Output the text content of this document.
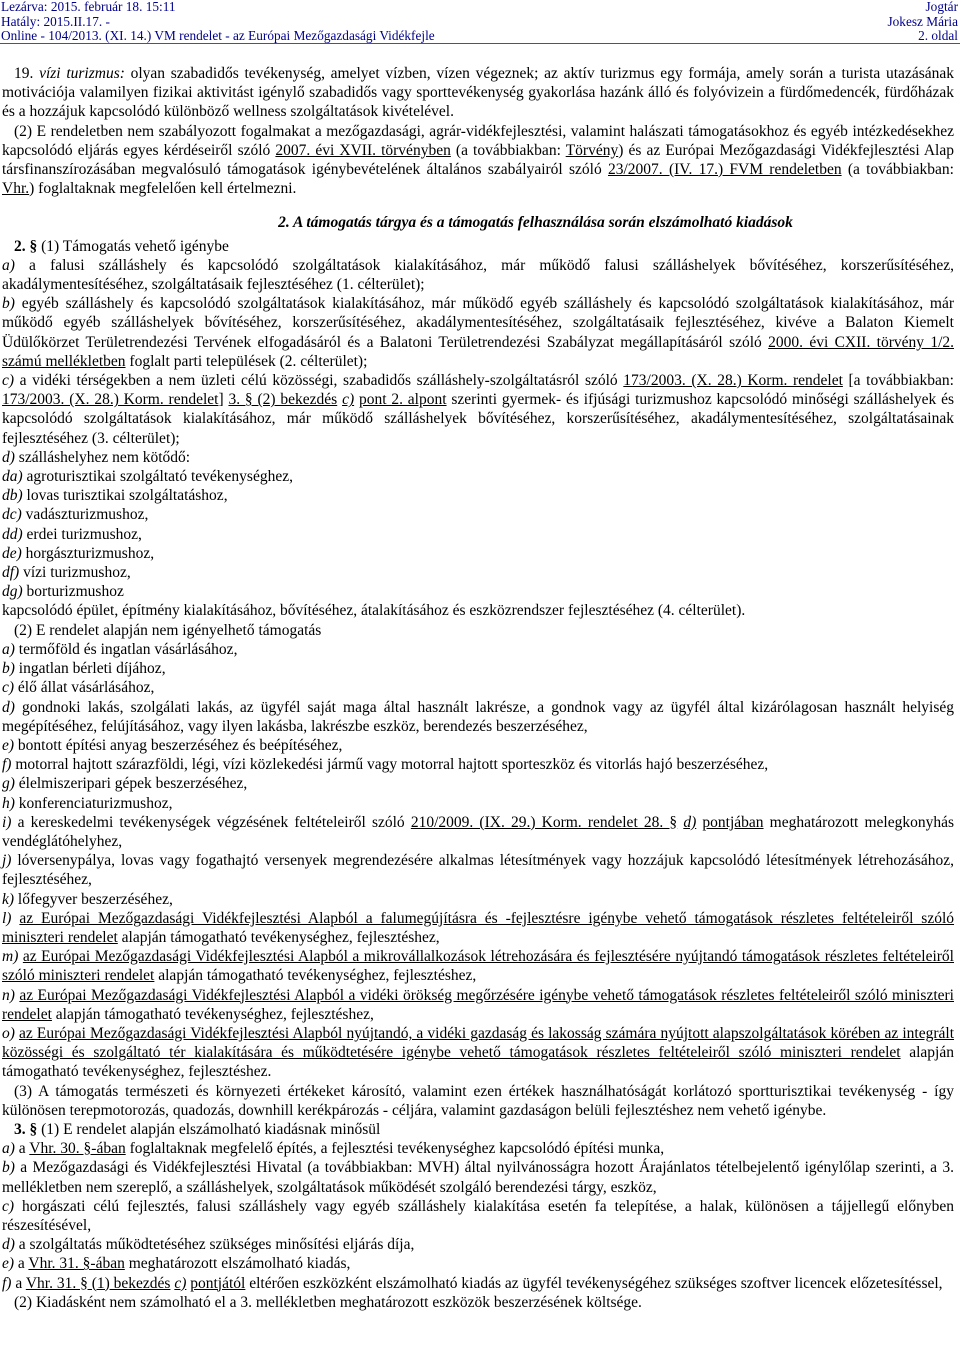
Lezárva: 2015. február 18. 15:11
Hatály: 2015.II.17. -
Online - 104/2013. (XI. 14.) VM rendelet - az Európai Mezőgazdasági Vidékfejle
Jogtár
Jokesz Mária
2. oldal

19. vízi turizmus: olyan szabadidős tevékenység, amelyet vízben, vízen végeznek; az aktív turizmus egy formája, amely során a turista utazásának motivációja valamilyen fizikai aktivitást igénylő szabadidős vagy sporttevékenység gyakorlása hazánk álló és folyóvizein a fürdőmedencék, fürdőházak és a hozzájuk kapcsolódó különböző wellness szolgáltatások kivételével.

(2) E rendeletben nem szabályozott fogalmakat a mezőgazdasági, agrár-vidékfejlesztési, valamint halászati támogatásokhoz és egyéb intézkedésekhez kapcsolódó eljárás egyes kérdéseiről szóló 2007. évi XVII. törvényben (a továbbiakban: Törvény) és az Európai Mezőgazdasági Vidékfejlesztési Alap társfinanszírozásában megvalósuló támogatások igénybevételének általános szabályairól szóló 23/2007. (IV. 17.) FVM rendeletben (a továbbiakban: Vhr.) foglaltaknak megfelelően kell értelmezni.

2. A támogatás tárgya és a támogatás felhasználása során elszámolható kiadások

2. § (1) Támogatás vehető igénybe

a) a falusi szálláshely és kapcsolódó szolgáltatások kialakításához, már működő falusi szálláshelyek bővítéséhez, korszerűsítéséhez, akadálymentesítéséhez, szolgáltatásaik fejlesztéséhez (1. célterület);

b) egyéb szálláshely és kapcsolódó szolgáltatások kialakításához, már működő egyéb szálláshely és kapcsolódó szolgáltatások kialakításához, már működő egyéb szálláshelyek bővítéséhez, korszerűsítéséhez, akadálymentesítéséhez, szolgáltatásaik fejlesztéséhez, kivéve a Balaton Kiemelt Üdülőkörzet Területrendezési Tervének elfogadásáról és a Balatoni Területrendezési Szabályzat megállapításáról szóló 2000. évi CXII. törvény 1/2. számú mellékletben foglalt parti települések (2. célterület);

c) a vidéki térségekben a nem üzleti célú közösségi, szabadidős szálláshely-szolgáltatásról szóló 173/2003. (X. 28.) Korm. rendelet [a továbbiakban: 173/2003. (X. 28.) Korm. rendelet] 3. § (2) bekezdés c) pont 2. alpont szerinti gyermek- és ifjúsági turizmushoz kapcsolódó minőségi szálláshelyek és kapcsolódó szolgáltatások kialakításához, már működő szálláshelyek bővítéséhez, korszerűsítéséhez, akadálymentesítéséhez, szolgáltatásainak fejlesztéséhez (3. célterület);

d) szálláshelyhez nem kötődő:

da) agroturisztikai szolgáltató tevékenységhez,

db) lovas turisztikai szolgáltatáshoz,

dc) vadászturizmushoz,

dd) erdei turizmushoz,

de) horgászturizmushoz,

df) vízi turizmushoz,

dg) borturizmushoz

kapcsolódó épület, építmény kialakításához, bővítéséhez, átalakításához és eszközrendszer fejlesztéséhez (4. célterület).

(2) E rendelet alapján nem igényelhető támogatás

a) termőföld és ingatlan vásárlásához,

b) ingatlan bérleti díjához,

c) élő állat vásárlásához,

d) gondnoki lakás, szolgálati lakás, az ügyfél saját maga által használt lakrésze, a gondnok vagy az ügyfél által kizárólagosan használt helyiség megépítéséhez, felújításához, vagy ilyen lakásba, lakrészbe eszköz, berendezés beszerzéséhez,

e) bontott építési anyag beszerzéséhez és beépítéséhez,

f) motorral hajtott szárazföldi, légi, vízi közlekedési jármű vagy motorral hajtott sporteszköz és vitorlás hajó beszerzéséhez,

g) élelmiszeripari gépek beszerzéséhez,

h) konferenciaturizmushoz,

i) a kereskedelmi tevékenységek végzésének feltételeiről szóló 210/2009. (IX. 29.) Korm. rendelet 28. § d) pontjában meghatározott melegkonyhás vendéglátóhelyhez,

j) lóversenypálya, lovas vagy fogathajtó versenyek megrendezésére alkalmas létesítmények vagy hozzájuk kapcsolódó létesítmények létrehozásához, fejlesztéséhez,

k) lőfegyver beszerzéséhez,

l) az Európai Mezőgazdasági Vidékfejlesztési Alapból a falumegújításra és -fejlesztésre igénybe vehető támogatások részletes feltételeiről szóló miniszteri rendelet alapján támogatható tevékenységhez, fejlesztéshez,

m) az Európai Mezőgazdasági Vidékfejlesztési Alapból a mikrovállalkozások létrehozására és fejlesztésére nyújtandó támogatások részletes feltételeiről szóló miniszteri rendelet alapján támogatható tevékenységhez, fejlesztéshez,

n) az Európai Mezőgazdasági Vidékfejlesztési Alapból a vidéki örökség megőrzésére igénybe vehető támogatások részletes feltételeiről szóló miniszteri rendelet alapján támogatható tevékenységhez, fejlesztéshez,

o) az Európai Mezőgazdasági Vidékfejlesztési Alapból nyújtandó, a vidéki gazdaság és lakosság számára nyújtott alapszolgáltatások körében az integrált közösségi és szolgáltató tér kialakítására és működtetésére igénybe vehető támogatások részletes feltételeiről szóló miniszteri rendelet alapján támogatható tevékenységhez, fejlesztéshez.

(3) A támogatás természeti és környezeti értékeket károsító, valamint ezen értékek használhatóságát korlátozó sportturisztikai tevékenység - így különösen terepmotorozás, quadozás, downhill kerékpározás - céljára, valamint gazdaságon belüli fejlesztéshez nem vehető igénybe.

3. § (1) E rendelet alapján elszámolható kiadásnak minősül

a) a Vhr. 30. §-ában foglaltaknak megfelelő építés, a fejlesztési tevékenységhez kapcsolódó építési munka,

b) a Mezőgazdasági és Vidékfejlesztési Hivatal (a továbbiakban: MVH) által nyilvánosságra hozott Árajánlatos tételbejelentő igénylőlap szerinti, a 3. mellékletben nem szereplő, a szálláshelyek, szolgáltatások működését szolgáló berendezési tárgy, eszköz,

c) horgászati célú fejlesztés, falusi szálláshely vagy egyéb szálláshely kialakítása esetén fa telepítése, a halak, különösen a tájjellegű előnyben részesítésével,

d) a szolgáltatás működtetéséhez szükséges minősítési eljárás díja,

e) a Vhr. 31. §-ában meghatározott elszámolható kiadás,

f) a Vhr. 31. § (1) bekezdés c) pontjától eltérően eszközként elszámolható kiadás az ügyfél tevékenységéhez szükséges szoftver licencek előzetesítéssel,

(2) Kiadásként nem számolható el a 3. mellékletben meghatározott eszközök beszerzésének költsége.
